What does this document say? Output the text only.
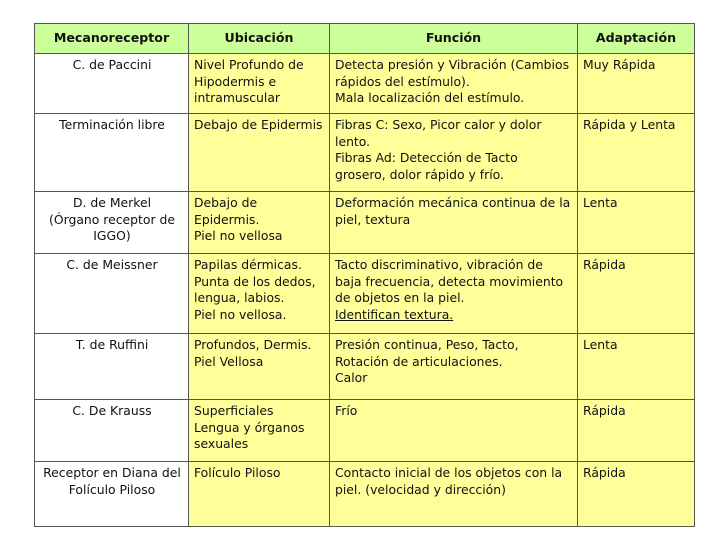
Mecanoreceptor	Ubicación	Función	Adaptación

C. de Paccini	Nivel Profundo de
Hipodermis e
intramuscular	Detecta presión y Vibración (Cambios
rápidos del estímulo).
Mala localización del estímulo.	Muy Rápida

Terminación libre	Debajo de Epidermis	Fibras C: Sexo, Picor calor y dolor
lento.
Fibras Ad: Detección de Tacto
grosero, dolor rápido y frío.	Rápida y Lenta

D. de Merkel
(Órgano receptor de
IGGO)	Debajo de Epidermis.
Piel no vellosa	Deformación mecánica continua de la
piel, textura	Lenta

C. de Meissner	Papilas dérmicas.
Punta de los dedos,
lengua, labios.
Piel no vellosa.	Tacto discriminativo, vibración de
baja frecuencia, detecta movimiento
de objetos en la piel.
Identifican textura.	Rápida

T. de Ruffini	Profundos, Dermis.
Piel Vellosa	Presión continua, Peso, Tacto,
Rotación de articulaciones.
Calor	Lenta

C. De Krauss	Superficiales
Lengua y órganos
sexuales	Frío	Rápida

Receptor en Diana del
Folículo Piloso	Folículo Piloso	Contacto inicial de los objetos con la
piel. (velocidad y dirección)	Rápida
